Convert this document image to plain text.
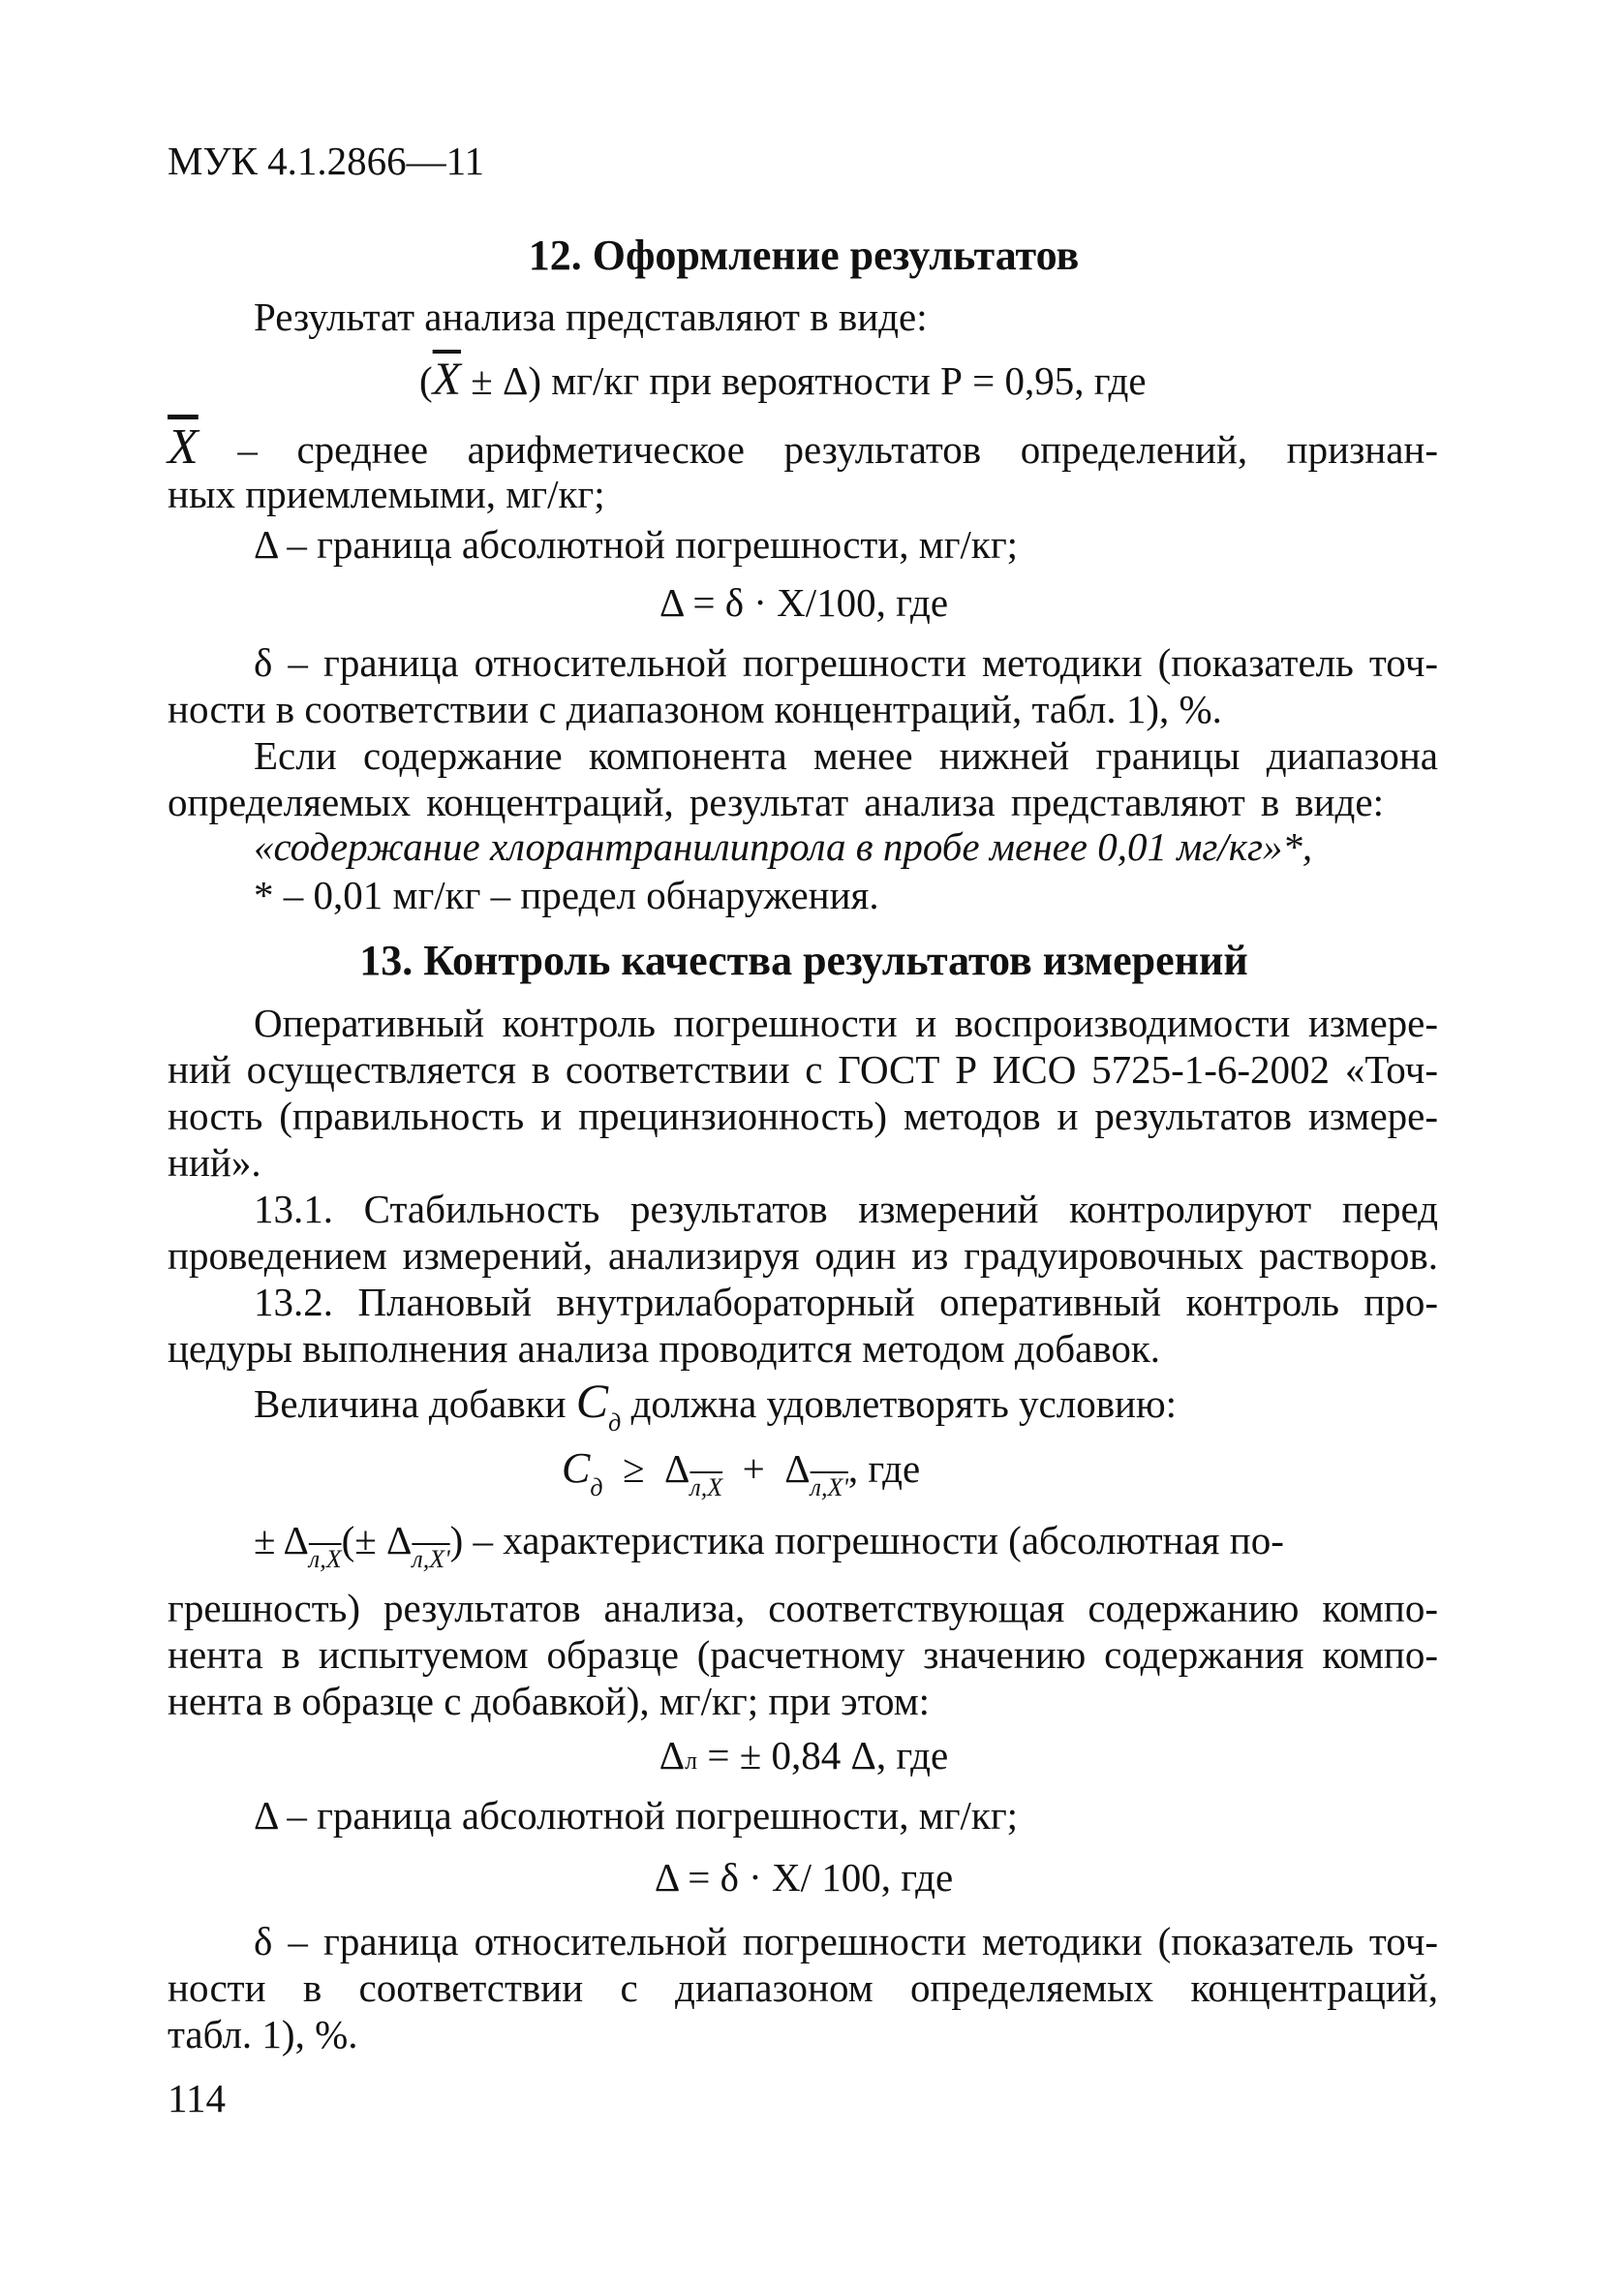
МУК 4.1.2866—11
12. Оформление результатов
Результат анализа представляют в виде:
$(\overline{X} \pm \Delta)$ мг/кг при вероятности Р = 0,95, где
$\overline{X}$ – среднее арифметическое результатов определений, признан-
ных приемлемыми, мг/кг;
Δ – граница абсолютной погрешности, мг/кг;
Δ = δ · Х/100, где
δ – граница относительной погрешности методики (показатель точ-
ности в соответствии с диапазоном концентраций, табл. 1), %.
Если содержание компонента менее нижней границы диапазона
определяемых концентраций, результат анализа представляют в виде:
«содержание хлорантранилипрола в пробе менее 0,01 мг/кг»*,
* – 0,01 мг/кг – предел обнаружения.
13. Контроль качества результатов измерений
Оперативный контроль погрешности и воспроизводимости измере-
ний осуществляется в соответствии с ГОСТ Р ИСО 5725-1-6-2002 «Точ-
ность (правильность и прецинзионность) методов и результатов измере-
ний».
13.1. Стабильность результатов измерений контролируют перед
проведением измерений, анализируя один из градуировочных растворов.
13.2. Плановый внутрилабораторный оперативный контроль про-
цедуры выполнения анализа проводится методом добавок.
Величина добавки $С_д$ должна удовлетворять условию:
$С_д \ge \Delta_{л,X} + \Delta_{л,X'}$, где
± $\Delta_{л,X}(\pm \Delta_{л,X'})$ – характеристика погрешности (абсолютная по-
грешность) результатов анализа, соответствующая содержанию компо-
нента в испытуемом образце (расчетному значению содержания компо-
нента в образце с добавкой), мг/кг; при этом:
Δл = ± 0,84 Δ, где
Δ – граница абсолютной погрешности, мг/кг;
Δ = δ · Х/ 100, где
δ – граница относительной погрешности методики (показатель точ-
ности в соответствии с диапазоном определяемых концентраций,
табл. 1), %.
114
